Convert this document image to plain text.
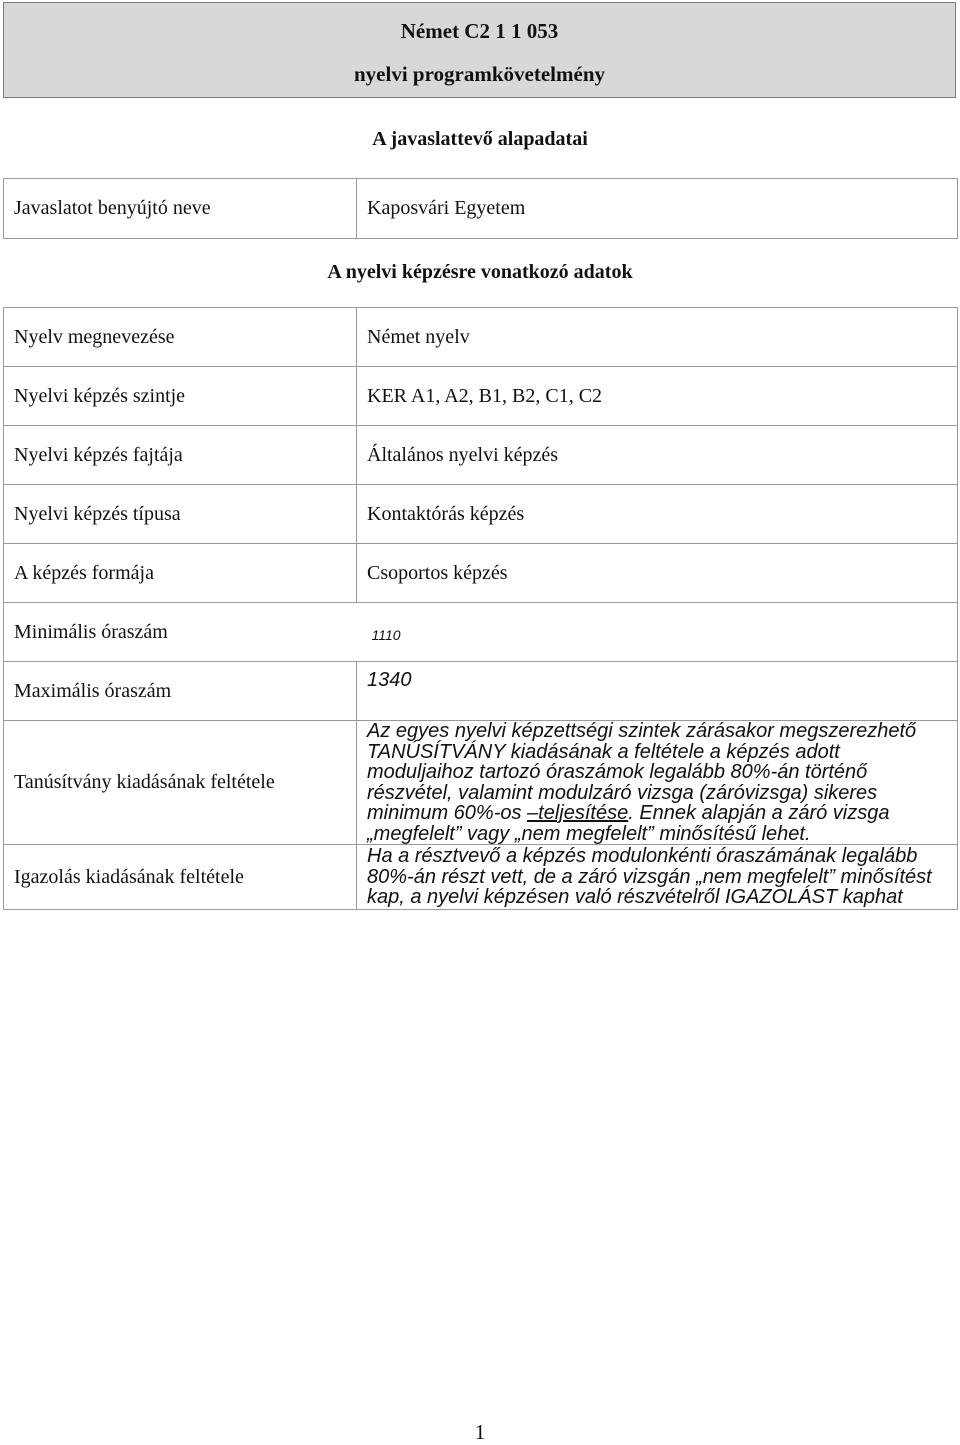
Német C2 1 1 053
nyelvi programkövetelmény
A javaslattevő alapadatai
Javaslatot benyújtó neve	Kaposvári Egyetem
A nyelvi képzésre vonatkozó adatok
Nyelv megnevezése	Német nyelv
Nyelvi képzés szintje	KER A1, A2, B1, B2, C1, C2
Nyelvi képzés fajtája	Általános nyelvi képzés
Nyelvi képzés típusa	Kontaktórás képzés
A képzés formája	Csoportos képzés
Minimális óraszám 1110	

Maximális óraszám	1340
Tanúsítvány kiadásának feltétele	Az egyes nyelvi képzettségi szintek zárásakor megszerezhető TANÚSÍTVÁNY kiadásának a feltétele a képzés adott moduljaihoz tartozó óraszámok legalább 80%-án történő részvétel, valamint modulzáró vizsga (záróvizsga) sikeres minimum 60%-os –teljesítése. Ennek alapján a záró vizsga „megfelelt” vagy „nem megfelelt” minősítésű lehet.
Igazolás kiadásának feltétele	Ha a résztvevő a képzés modulonkénti óraszámának legalább 80%-án részt vett, de a záró vizsgán „nem megfelelt” minősítést kap, a nyelvi képzésen való részvételről IGAZOLÁST kaphat
1
